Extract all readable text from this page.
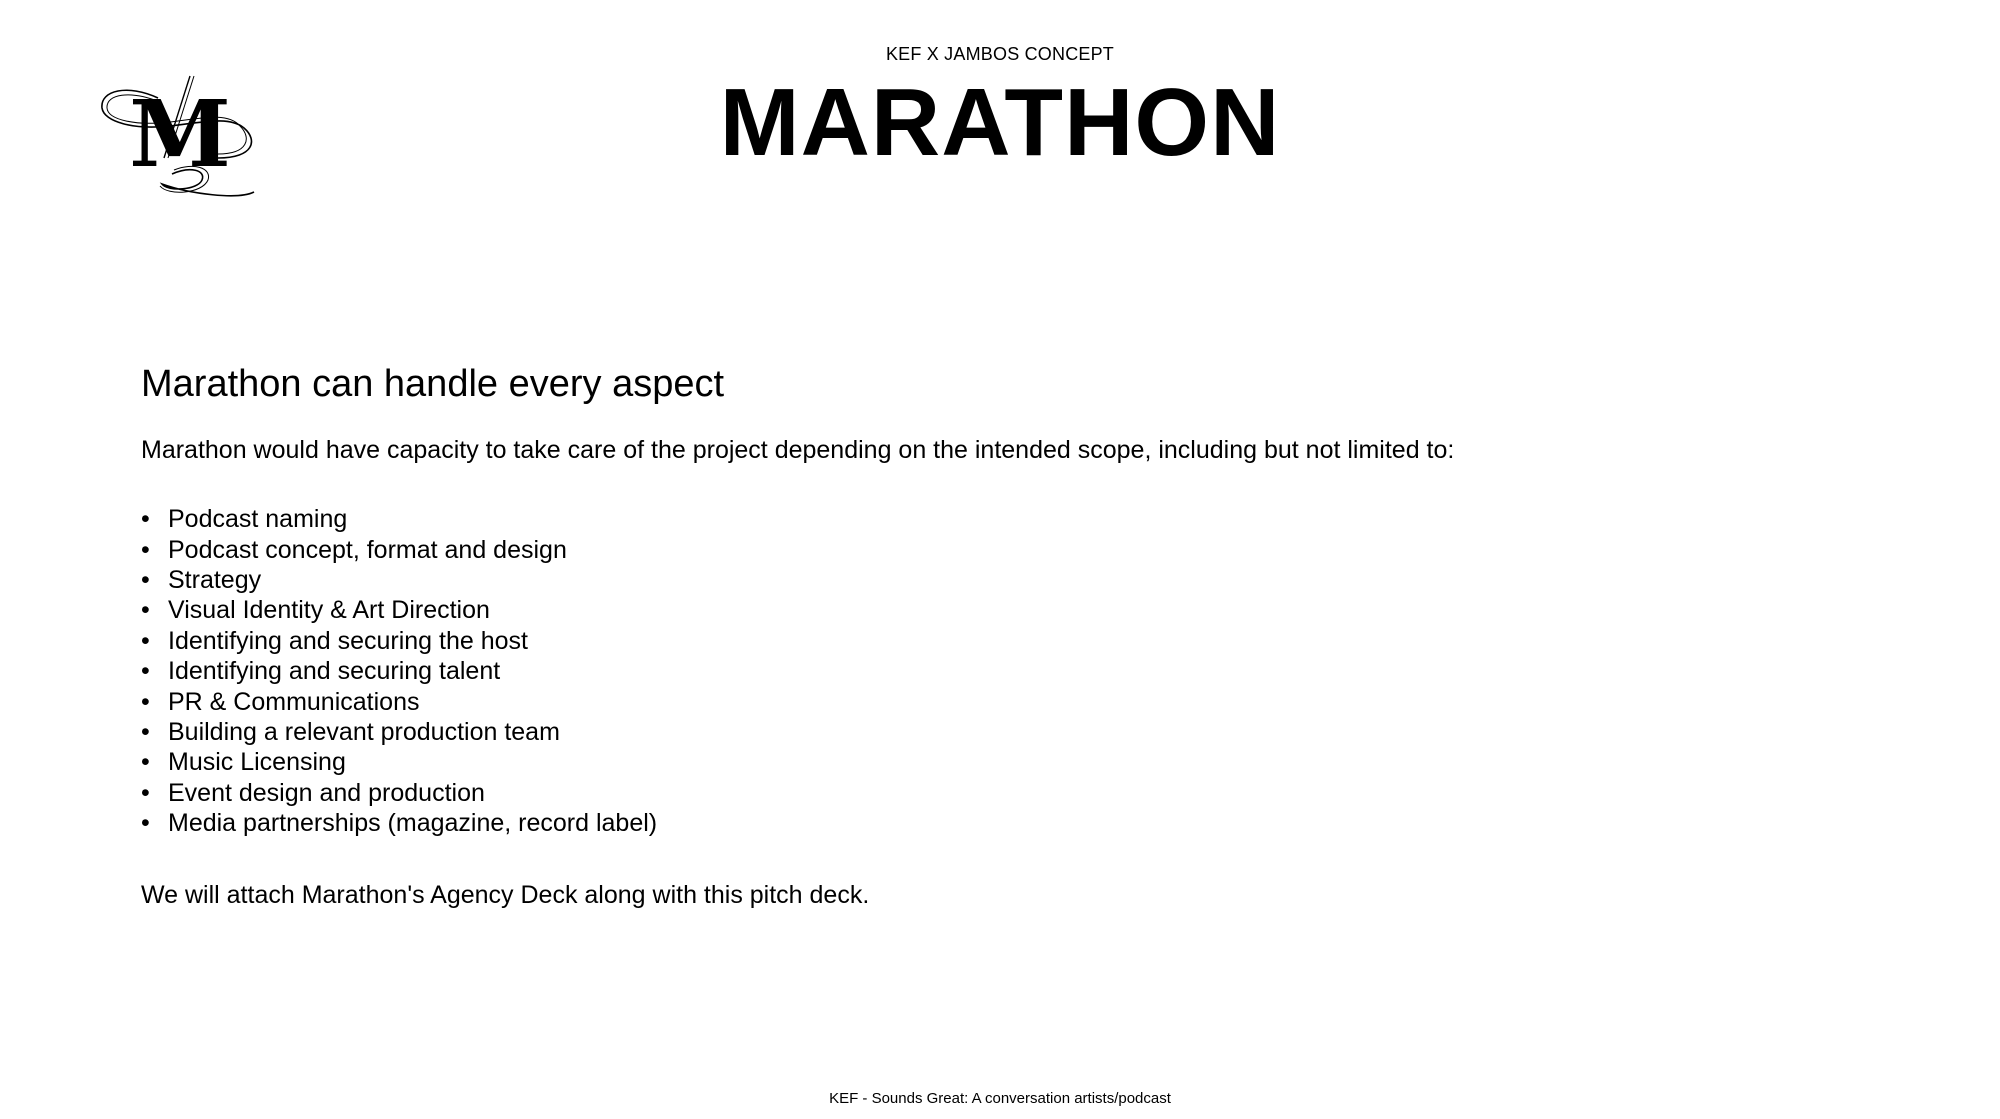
M
KEF X JAMBOS CONCEPT
MARATHON
Marathon can handle every aspect

Marathon would have capacity to take care of the project depending on the intended scope, including but not limited to:

• Podcast naming
• Podcast concept, format and design
• Strategy
• Visual Identity & Art Direction
• Identifying and securing the host
• Identifying and securing talent
• PR & Communications
• Building a relevant production team
• Music Licensing
• Event design and production
• Media partnerships (magazine, record label)

We will attach Marathon's Agency Deck along with this pitch deck.

KEF - Sounds Great: A conversation artists/podcast
